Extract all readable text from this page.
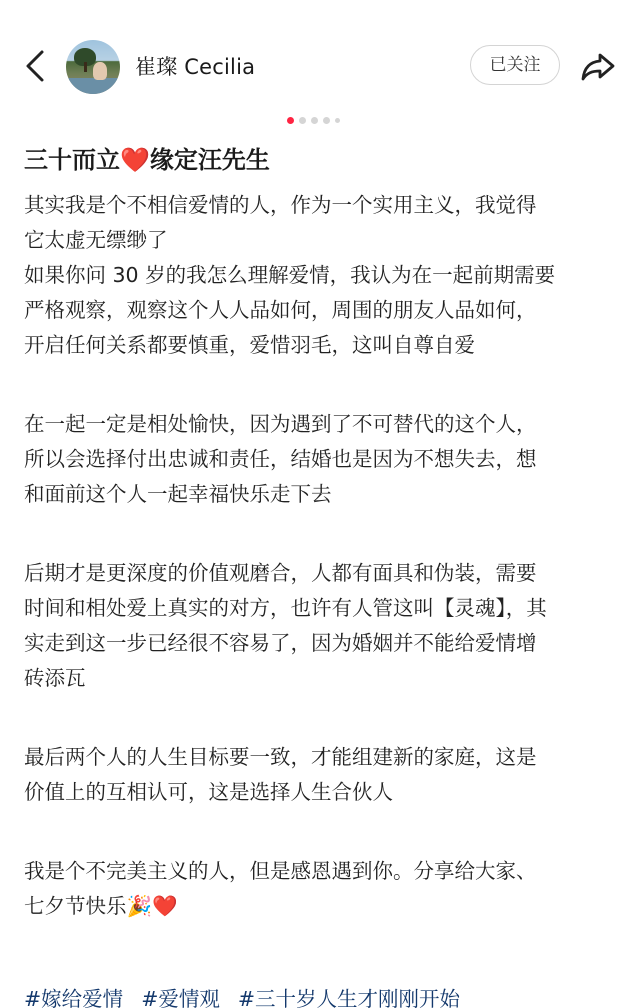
崔璨 Cecilia	已关注
三十而立❤️缘定汪先生
其实我是个不相信爱情的人，作为一个实用主义，我觉得
它太虚无缥缈了
如果你问 30 岁的我怎么理解爱情，我认为在一起前期需要
严格观察，观察这个人人品如何，周围的朋友人品如何，
开启任何关系都要慎重，爱惜羽毛，这叫自尊自爱
在一起一定是相处愉快，因为遇到了不可替代的这个人，
所以会选择付出忠诚和责任，结婚也是因为不想失去，想
和面前这个人一起幸福快乐走下去
后期才是更深度的价值观磨合，人都有面具和伪装，需要
时间和相处爱上真实的对方，也许有人管这叫【灵魂】，其
实走到这一步已经很不容易了，因为婚姻并不能给爱情增
砖添瓦
最后两个人的人生目标要一致，才能组建新的家庭，这是
价值上的互相认可，这是选择人生合伙人
我是个不完美主义的人，但是感恩遇到你。分享给大家、
七夕节快乐🎉❤️
#嫁给爱情 #爱情观 #三十岁人生才刚刚开始
